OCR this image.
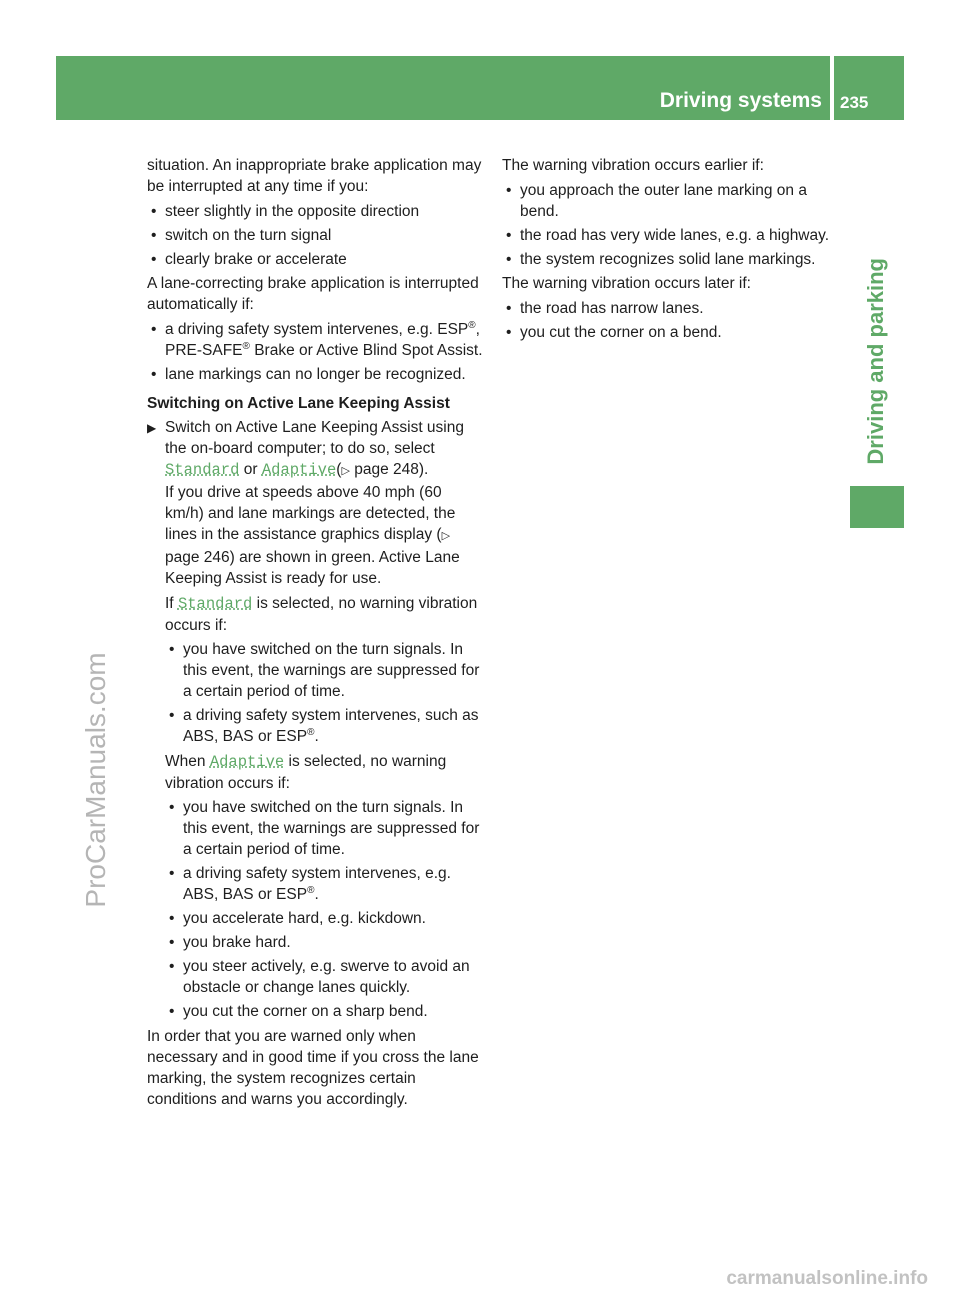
Driving systems 235
Driving and parking
ProCarManuals.com
carmanualsonline.info

situation. An inappropriate brake application may be interrupted at any time if you:

• steer slightly in the opposite direction
• switch on the turn signal
• clearly brake or accelerate

A lane-correcting brake application is interrupted automatically if:

• a driving safety system intervenes, e.g. ESP®, PRE-SAFE® Brake or Active Blind Spot Assist.
• lane markings can no longer be recognized.
Switching on Active Lane Keeping Assist
▶ Switch on Active Lane Keeping Assist using the on-board computer; to do so, select Standard or Adaptive(▷ page 248).
If you drive at speeds above 40 mph (60 km/h) and lane markings are detected, the lines in the assistance graphics display (▷ page 246) are shown in green. Active Lane Keeping Assist is ready for use.

If Standard is selected, no warning vibration occurs if:

• you have switched on the turn signals. In this event, the warnings are suppressed for a certain period of time.
• a driving safety system intervenes, such as ABS, BAS or ESP®.

When Adaptive is selected, no warning vibration occurs if:

• you have switched on the turn signals. In this event, the warnings are suppressed for a certain period of time.
• a driving safety system intervenes, e.g. ABS, BAS or ESP®.
• you accelerate hard, e.g. kickdown.
• you brake hard.
• you steer actively, e.g. swerve to avoid an obstacle or change lanes quickly.
• you cut the corner on a sharp bend.

In order that you are warned only when necessary and in good time if you cross the lane marking, the system recognizes certain conditions and warns you accordingly.

The warning vibration occurs earlier if:

• you approach the outer lane marking on a bend.
• the road has very wide lanes, e.g. a highway.
• the system recognizes solid lane markings.

The warning vibration occurs later if:

• the road has narrow lanes.
• you cut the corner on a bend.
